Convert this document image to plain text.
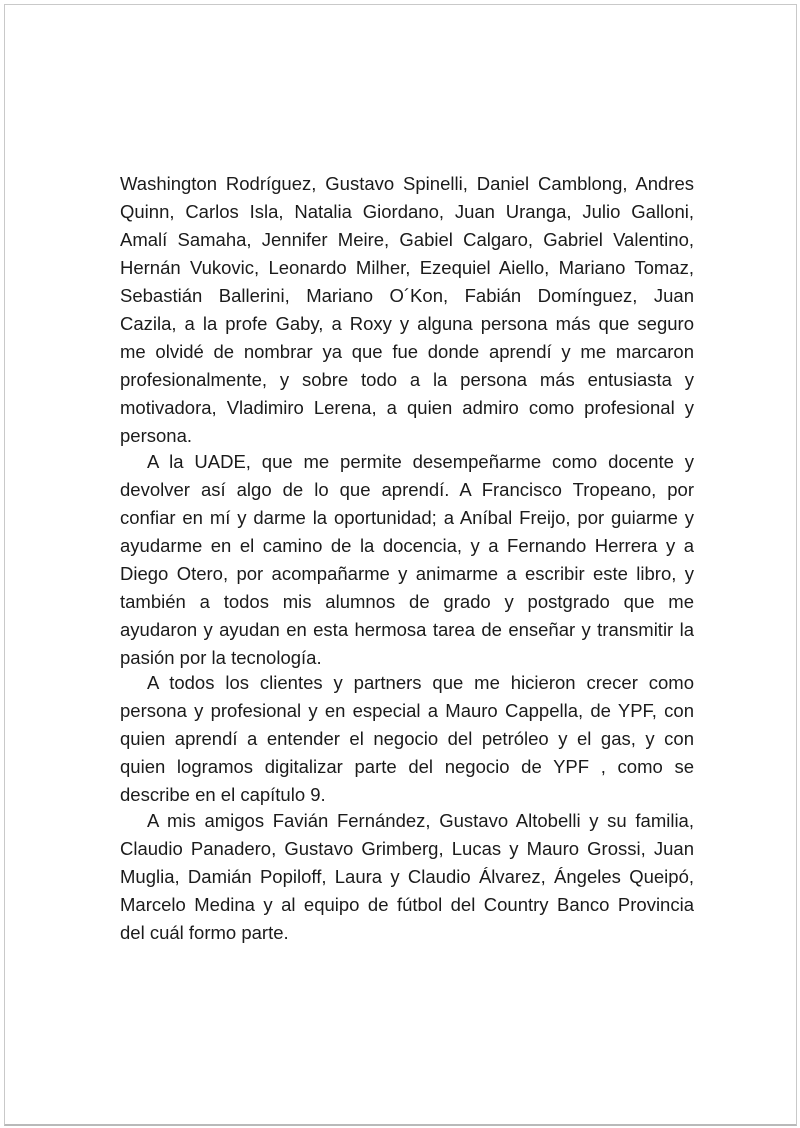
Washington Rodríguez, Gustavo Spinelli, Daniel Camblong, Andres
Quinn, Carlos Isla, Natalia Giordano, Juan Uranga, Julio Galloni,
Amalí Samaha, Jennifer Meire, Gabiel Calgaro, Gabriel Valentino,
Hernán Vukovic, Leonardo Milher, Ezequiel Aiello, Mariano Tomaz,
Sebastián Ballerini, Mariano O´Kon, Fabián Domínguez, Juan
Cazila, a la profe Gaby, a Roxy y alguna persona más que seguro
me olvidé de nombrar ya que fue donde aprendí y me marcaron
profesionalmente, y sobre todo a la persona más entusiasta y
motivadora, Vladimiro Lerena, a quien admiro como profesional y
persona.
A la UADE, que me permite desempeñarme como docente y
devolver así algo de lo que aprendí. A Francisco Tropeano, por
confiar en mí y darme la oportunidad; a Aníbal Freijo, por guiarme y
ayudarme en el camino de la docencia, y a Fernando Herrera y a
Diego Otero, por acompañarme y animarme a escribir este libro, y
también a todos mis alumnos de grado y postgrado que me
ayudaron y ayudan en esta hermosa tarea de enseñar y transmitir la
pasión por la tecnología.
A todos los clientes y partners que me hicieron crecer como
persona y profesional y en especial a Mauro Cappella, de YPF, con
quien aprendí a entender el negocio del petróleo y el gas, y con
quien logramos digitalizar parte del negocio de YPF , como se
describe en el capítulo 9.
A mis amigos Favián Fernández, Gustavo Altobelli y su familia,
Claudio Panadero, Gustavo Grimberg, Lucas y Mauro Grossi, Juan
Muglia, Damián Popiloff, Laura y Claudio Álvarez, Ángeles Queipó,
Marcelo Medina y al equipo de fútbol del Country Banco Provincia
del cuál formo parte.
